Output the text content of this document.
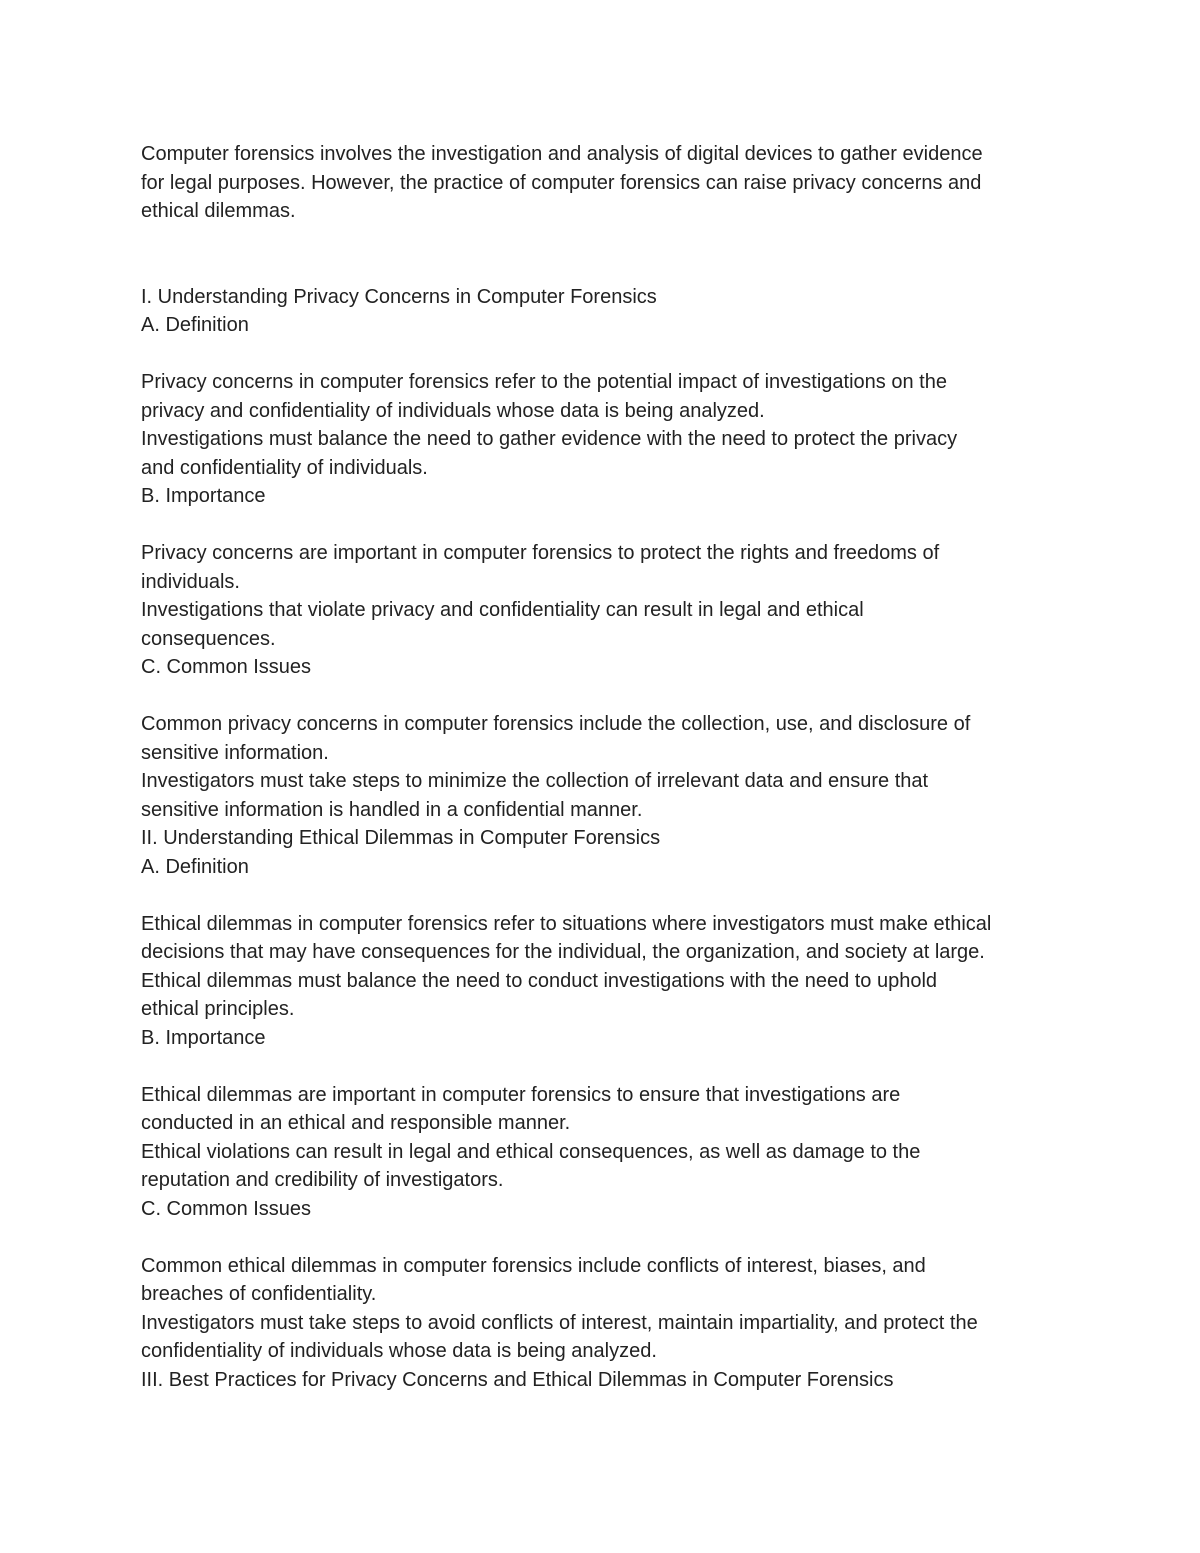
Computer forensics involves the investigation and analysis of digital devices to gather evidence

for legal purposes. However, the practice of computer forensics can raise privacy concerns and

ethical dilemmas.

I. Understanding Privacy Concerns in Computer Forensics

A. Definition

Privacy concerns in computer forensics refer to the potential impact of investigations on the

privacy and confidentiality of individuals whose data is being analyzed.

Investigations must balance the need to gather evidence with the need to protect the privacy

and confidentiality of individuals.

B. Importance

Privacy concerns are important in computer forensics to protect the rights and freedoms of

individuals.

Investigations that violate privacy and confidentiality can result in legal and ethical

consequences.

C. Common Issues

Common privacy concerns in computer forensics include the collection, use, and disclosure of

sensitive information.

Investigators must take steps to minimize the collection of irrelevant data and ensure that

sensitive information is handled in a confidential manner.

II. Understanding Ethical Dilemmas in Computer Forensics

A. Definition

Ethical dilemmas in computer forensics refer to situations where investigators must make ethical

decisions that may have consequences for the individual, the organization, and society at large.

Ethical dilemmas must balance the need to conduct investigations with the need to uphold

ethical principles.

B. Importance

Ethical dilemmas are important in computer forensics to ensure that investigations are

conducted in an ethical and responsible manner.

Ethical violations can result in legal and ethical consequences, as well as damage to the

reputation and credibility of investigators.

C. Common Issues

Common ethical dilemmas in computer forensics include conflicts of interest, biases, and

breaches of confidentiality.

Investigators must take steps to avoid conflicts of interest, maintain impartiality, and protect the

confidentiality of individuals whose data is being analyzed.

III. Best Practices for Privacy Concerns and Ethical Dilemmas in Computer Forensics
